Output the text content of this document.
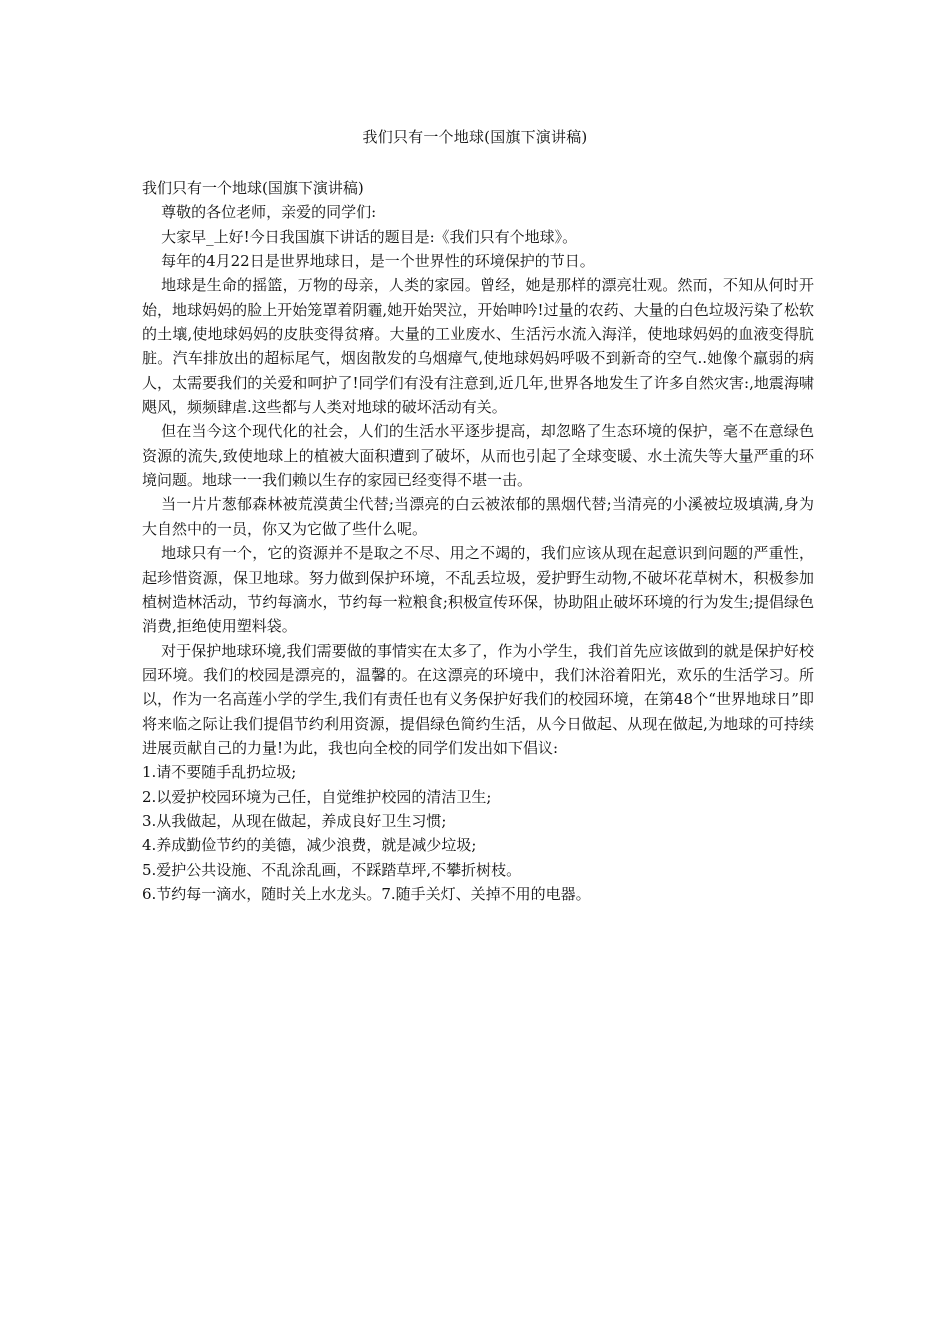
我们只有一个地球(国旗下演讲稿)

我们只有一个地球(国旗下演讲稿)

尊敬的各位老师，亲爱的同学们:

大家早_上好!今日我国旗下讲话的题目是:《我们只有个地球》。

每年的4月22日是世界地球日，是一个世界性的环境保护的节日。

地球是生命的摇篮，万物的母亲，人类的家园。曾经，她是那样的漂亮壮观。然而，不知从何时开始，地球妈妈的脸上开始笼罩着阴霾,她开始哭泣，开始呻吟!过量的农药、大量的白色垃圾污染了松软的土壤,使地球妈妈的皮肤变得贫瘠。大量的工业废水、生活污水流入海洋，使地球妈妈的血液变得肮脏。汽车排放出的超标尾气，烟囱散发的乌烟瘴气,使地球妈妈呼吸不到新奇的空气..她像个羸弱的病人，太需要我们的关爱和呵护了!同学们有没有注意到,近几年,世界各地发生了许多自然灾害:,地震海啸飓风，频频肆虐.这些都与人类对地球的破坏活动有关。

但在当今这个现代化的社会，人们的生活水平逐步提高，却忽略了生态环境的保护，毫不在意绿色资源的流失,致使地球上的植被大面积遭到了破坏，从而也引起了全球变暖、水土流失等大量严重的环境问题。地球一一我们赖以生存的家园已经变得不堪一击。

当一片片葱郁森林被荒漠黄尘代替;当漂亮的白云被浓郁的黑烟代替;当清亮的小溪被垃圾填满,身为大自然中的一员，你又为它做了些什么呢。

地球只有一个，它的资源并不是取之不尽、用之不竭的，我们应该从现在起意识到问题的严重性，起珍惜资源，保卫地球。努力做到保护环境，不乱丢垃圾，爱护野生动物,不破坏花草树木，积极参加植树造林活动，节约每滴水，节约每一粒粮食;积极宣传环保，协助阻止破坏环境的行为发生;提倡绿色消费,拒绝使用塑料袋。

对于保护地球环境,我们需要做的事情实在太多了，作为小学生，我们首先应该做到的就是保护好校园环境。我们的校园是漂亮的，温馨的。在这漂亮的环境中，我们沐浴着阳光，欢乐的生活学习。所以，作为一名高莲小学的学生,我们有责任也有义务保护好我们的校园环境，在第48个“世界地球日”即将来临之际让我们提倡节约利用资源，提倡绿色简约生活，从今日做起、从现在做起,为地球的可持续进展贡献自己的力量!为此，我也向全校的同学们发出如下倡议:

1.请不要随手乱扔垃圾;

2.以爱护校园环境为己任，自觉维护校园的清洁卫生;

3.从我做起，从现在做起，养成良好卫生习惯;

4.养成勤俭节约的美德，减少浪费，就是减少垃圾;

5.爱护公共设施、不乱涂乱画，不踩踏草坪,不攀折树枝。

6.节约每一滴水，随时关上水龙头。7.随手关灯、关掉不用的电器。
